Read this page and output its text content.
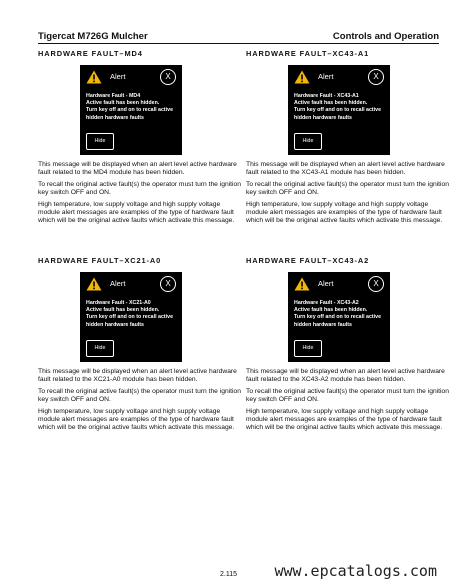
Tigercat M726G Mulcher	Controls and Operation
HARDWARE FAULT–MD4
Alert	X
Hardware Fault - MD4
Active fault has been hidden.
Turn key off and on to recall active
hidden hardware faults
Hide

This message will be displayed when an alert level active hardware fault related to the MD4 module has been hidden.

To recall the original active fault(s) the operator must turn the ignition key switch OFF and ON.

High temperature, low supply voltage and high supply voltage module alert messages are examples of the type of hardware fault which will be the original active faults which activate this message.

HARDWARE FAULT–XC43-A1
Alert	X
Hardware Fault - XC43-A1
Active fault has been hidden.
Turn key off and on to recall active
hidden hardware faults
Hide

This message will be displayed when an alert level active hardware fault related to the XC43-A1 module has been hidden.

To recall the original active fault(s) the operator must turn the ignition key switch OFF and ON.

High temperature, low supply voltage and high supply voltage module alert messages are examples of the type of hardware fault which will be the original active faults which activate this message.

HARDWARE FAULT–XC21-A0
Alert	X
Hardware Fault - XC21-A0
Active fault has been hidden.
Turn key off and on to recall active
hidden hardware faults
Hide

This message will be displayed when an alert level active hardware fault related to the XC21-A0 module has been hidden.

To recall the original active fault(s) the operator must turn the ignition key switch OFF and ON.

High temperature, low supply voltage and high supply voltage module alert messages are examples of the type of hardware fault which will be the original active faults which activate this message.

HARDWARE FAULT–XC43-A2
Alert	X
Hardware Fault - XC43-A2
Active fault has been hidden.
Turn key off and on to recall active
hidden hardware faults
Hide

This message will be displayed when an alert level active hardware fault related to the XC43-A2 module has been hidden.

To recall the original active fault(s) the operator must turn the ignition key switch OFF and ON.

High temperature, low supply voltage and high supply voltage module alert messages are examples of the type of hardware fault which will be the original active faults which activate this message.

www.epcatalogs.com
2.115
